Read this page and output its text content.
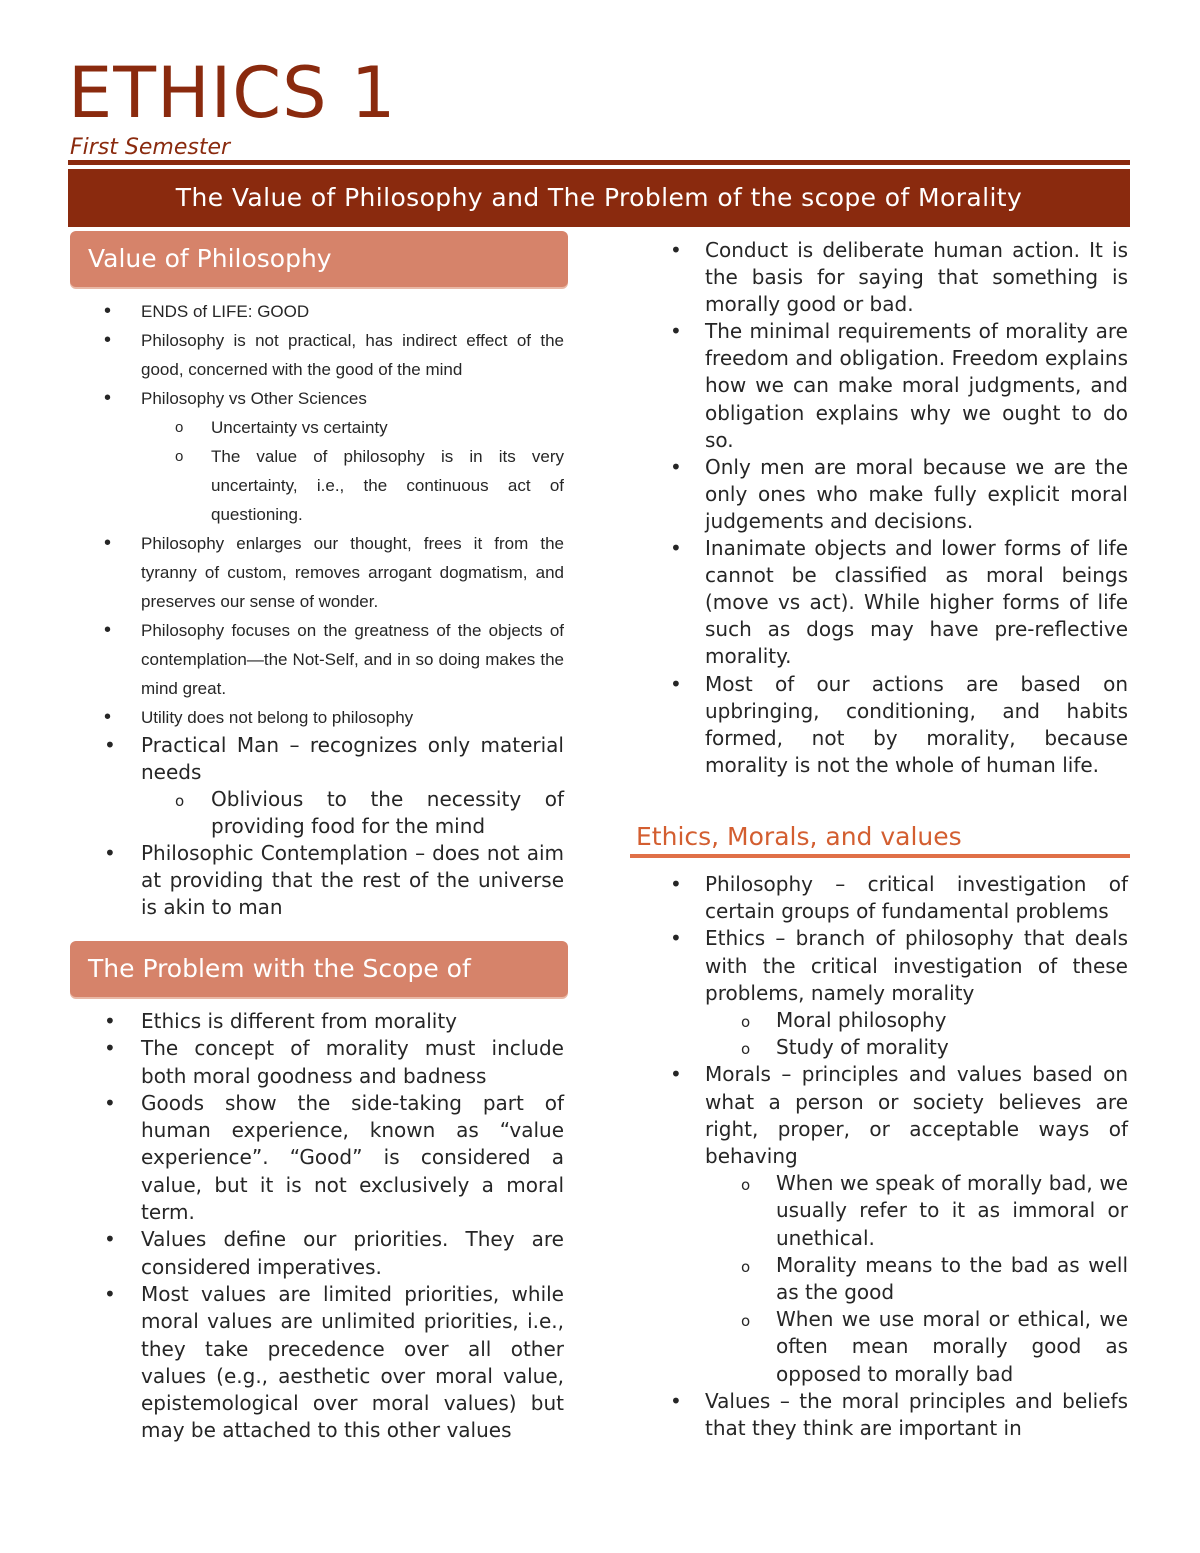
ETHICS 1
First Semester
The Value of Philosophy and The Problem of the scope of Morality
Value of Philosophy
• ENDS of LIFE: GOOD
• Philosophy is not practical, has indirect effect of the good, concerned with the good of the mind
• Philosophy vs Other Sciences
o Uncertainty vs certainty
o The value of philosophy is in its very uncertainty, i.e., the continuous act of questioning.
• Philosophy enlarges our thought, frees it from the tyranny of custom, removes arrogant dogmatism, and preserves our sense of wonder.
• Philosophy focuses on the greatness of the objects of contemplation—the Not-Self, and in so doing makes the mind great.
• Utility does not belong to philosophy
• Practical Man – recognizes only material needs
o Oblivious to the necessity of providing food for the mind
• Philosophic Contemplation – does not aim at providing that the rest of the universe is akin to man
The Problem with the Scope of
• Ethics is different from morality
• The concept of morality must include both moral goodness and badness
• Goods show the side-taking part of human experience, known as “value experience”. “Good” is considered a value, but it is not exclusively a moral term.
• Values define our priorities. They are considered imperatives.
• Most values are limited priorities, while moral values are unlimited priorities, i.e., they take precedence over all other values (e.g., aesthetic over moral value, epistemological over moral values) but may be attached to this other values
• Conduct is deliberate human action. It is the basis for saying that something is morally good or bad.
• The minimal requirements of morality are freedom and obligation. Freedom explains how we can make moral judgments, and obligation explains why we ought to do so.
• Only men are moral because we are the only ones who make fully explicit moral judgements and decisions.
• Inanimate objects and lower forms of life cannot be classified as moral beings (move vs act). While higher forms of life such as dogs may have pre-reflective morality.
• Most of our actions are based on upbringing, conditioning, and habits formed, not by morality, because morality is not the whole of human life.
Ethics, Morals, and values
• Philosophy – critical investigation of certain groups of fundamental problems
• Ethics – branch of philosophy that deals with the critical investigation of these problems, namely morality
o Moral philosophy
o Study of morality
• Morals – principles and values based on what a person or society believes are right, proper, or acceptable ways of behaving
o When we speak of morally bad, we usually refer to it as immoral or unethical.
o Morality means to the bad as well as the good
o When we use moral or ethical, we often mean morally good as opposed to morally bad
• Values – the moral principles and beliefs that they think are important in
